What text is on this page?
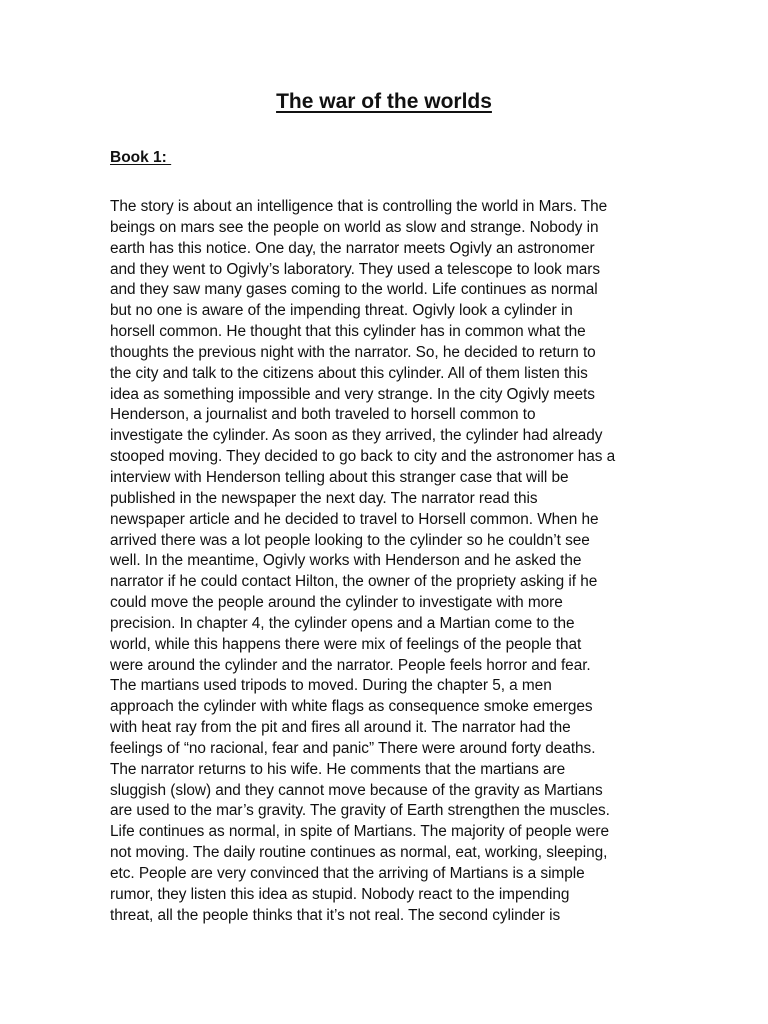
The war of the worlds
Book 1:
The story is about an intelligence that is controlling the world in Mars. The
beings on mars see the people on world as slow and strange. Nobody in
earth has this notice. One day, the narrator meets Ogivly an astronomer
and they went to Ogivly’s laboratory. They used a telescope to look mars
and they saw many gases coming to the world. Life continues as normal
but no one is aware of the impending threat. Ogivly look a cylinder in
horsell common. He thought that this cylinder has in common what the
thoughts the previous night with the narrator. So, he decided to return to
the city and talk to the citizens about this cylinder. All of them listen this
idea as something impossible and very strange. In the city Ogivly meets
Henderson, a journalist and both traveled to horsell common to
investigate the cylinder. As soon as they arrived, the cylinder had already
stooped moving. They decided to go back to city and the astronomer has a
interview with Henderson telling about this stranger case that will be
published in the newspaper the next day. The narrator read this
newspaper article and he decided to travel to Horsell common. When he
arrived there was a lot people looking to the cylinder so he couldn’t see
well. In the meantime, Ogivly works with Henderson and he asked the
narrator if he could contact Hilton, the owner of the propriety asking if he
could move the people around the cylinder to investigate with more
precision. In chapter 4, the cylinder opens and a Martian come to the
world, while this happens there were mix of feelings of the people that
were around the cylinder and the narrator. People feels horror and fear.
The martians used tripods to moved. During the chapter 5, a men
approach the cylinder with white flags as consequence smoke emerges
with heat ray from the pit and fires all around it. The narrator had the
feelings of “no racional, fear and panic” There were around forty deaths.
The narrator returns to his wife. He comments that the martians are
sluggish (slow) and they cannot move because of the gravity as Martians
are used to the mar’s gravity. The gravity of Earth strengthen the muscles.
Life continues as normal, in spite of Martians. The majority of people were
not moving. The daily routine continues as normal, eat, working, sleeping,
etc. People are very convinced that the arriving of Martians is a simple
rumor, they listen this idea as stupid. Nobody react to the impending
threat, all the people thinks that it’s not real. The second cylinder is
